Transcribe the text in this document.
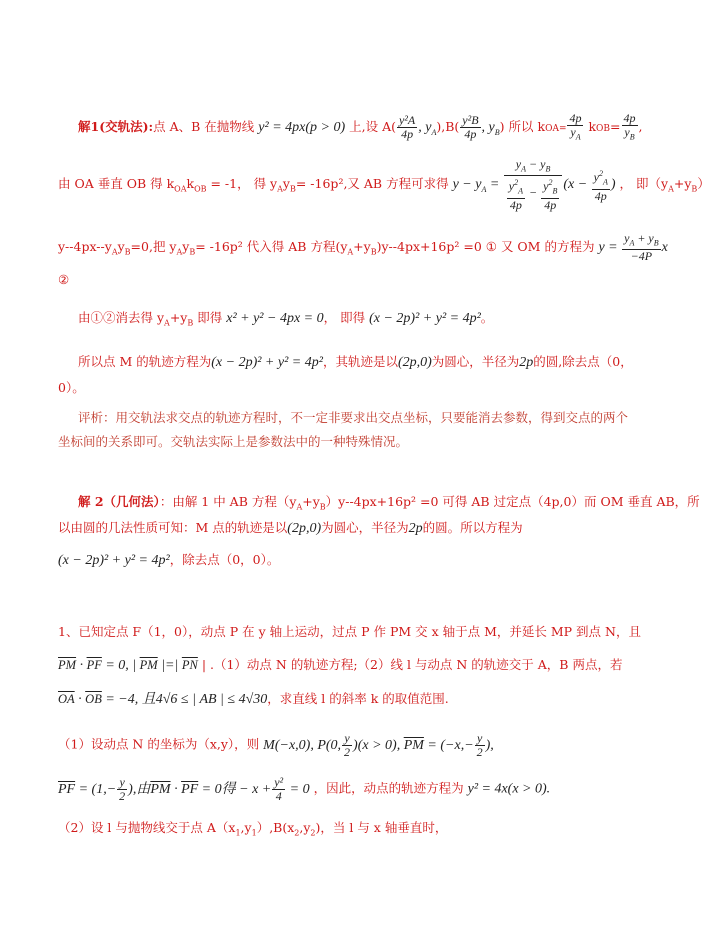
解1(交轨法):点 A、B 在抛物线 y² = 4px(p > 0) 上,设 $A( \frac{\text{y²A}}{4p}$ , $y_A),B( \frac{\text{y²B}}{4p}$ , $y_B$) 所以 $kOA= \frac{4p}{y_A} kOB= \frac{4p}{y_B}$ ,
由 OA 垂直 OB 得 $k_{OA}k_{OB} = -1$， 得 $y_Ay_B= -16p^2$,又 AB 方程可求得 $y - y_A = \frac{y_A - y_B}{\frac{y^2_A}{4p} - \frac{y^2_B}{4p}} (x - \frac{y^2_A}{4p}$ ) ， 即$(y_A+y_B)$
$y--4px--y_Ay_B=0$,把 $y_Ay_B= -16p^2$ 代入得 AB 方程$(y_A+y_B)y--4px+16p^2 =0$ ① 又 OM 的方程为 $y = \frac{y_A + y_B}{-4P}$ x
②
由①②消去得 $y_A+y_B$ 即得 x² + y² − 4px = 0， 即得 (x − 2p)² + y² = 4p²。
所以点 M 的轨迹方程为(x − 2p)² + y² = 4p²，其轨迹是以(2p,0)为圆心，半径为2p的圆,除去点（0，
0）。
评析：用交轨法求交点的轨迹方程时，不一定非要求出交点坐标，只要能消去参数，得到交点的两个
坐标间的关系即可。交轨法实际上是参数法中的一种特殊情况。
解 2（几何法）：由解 1 中 AB 方程$(y_A+y_B)y--4px+16p^2 =0$ 可得 AB 过定点（4p,0）而 OM 垂直 AB，所
以由圆的几法性质可知：M 点的轨迹是以(2p,0)为圆心，半径为2p的圆。所以方程为
(x − 2p)² + y² = 4p²，除去点（0，0）。
1、已知定点 F（1，0），动点 P 在 y 轴上运动，过点 P 作 PM 交 x 轴于点 M，并延长 MP 到点 N，且
$\overline{PM} \cdot \overline{PF} = 0$, | $\overline{PM}$ |=| $\overline{PN}$ | .（1）动点 N 的轨迹方程;（2）线 l 与动点 N 的轨迹交于 A，B 两点，若
$\overline{OA} \cdot \overline{OB} = -4$, 且4√6 ≤ | AB | ≤ 4√30，求直线 l 的斜率 k 的取值范围.
（1）设动点 N 的坐标为（x,y），则 M(−x,0), P(0, $\frac{y}{2} )(x > 0)$, $\overline{PM} = (-x,- \frac{y}{2}$ ),
$\overline{PF} = (1,- \frac{y}{2}$ ),由$\overline{PM} \cdot \overline{PF} = 0$得 − $x + \frac{\text{y²}}{4} = 0$ ，因此，动点的轨迹方程为 y² = 4x(x > 0).
（2）设 l 与抛物线交于点 $A(x_1,y_1),B(x_2,y_2)$，当 l 与 x 轴垂直时，
